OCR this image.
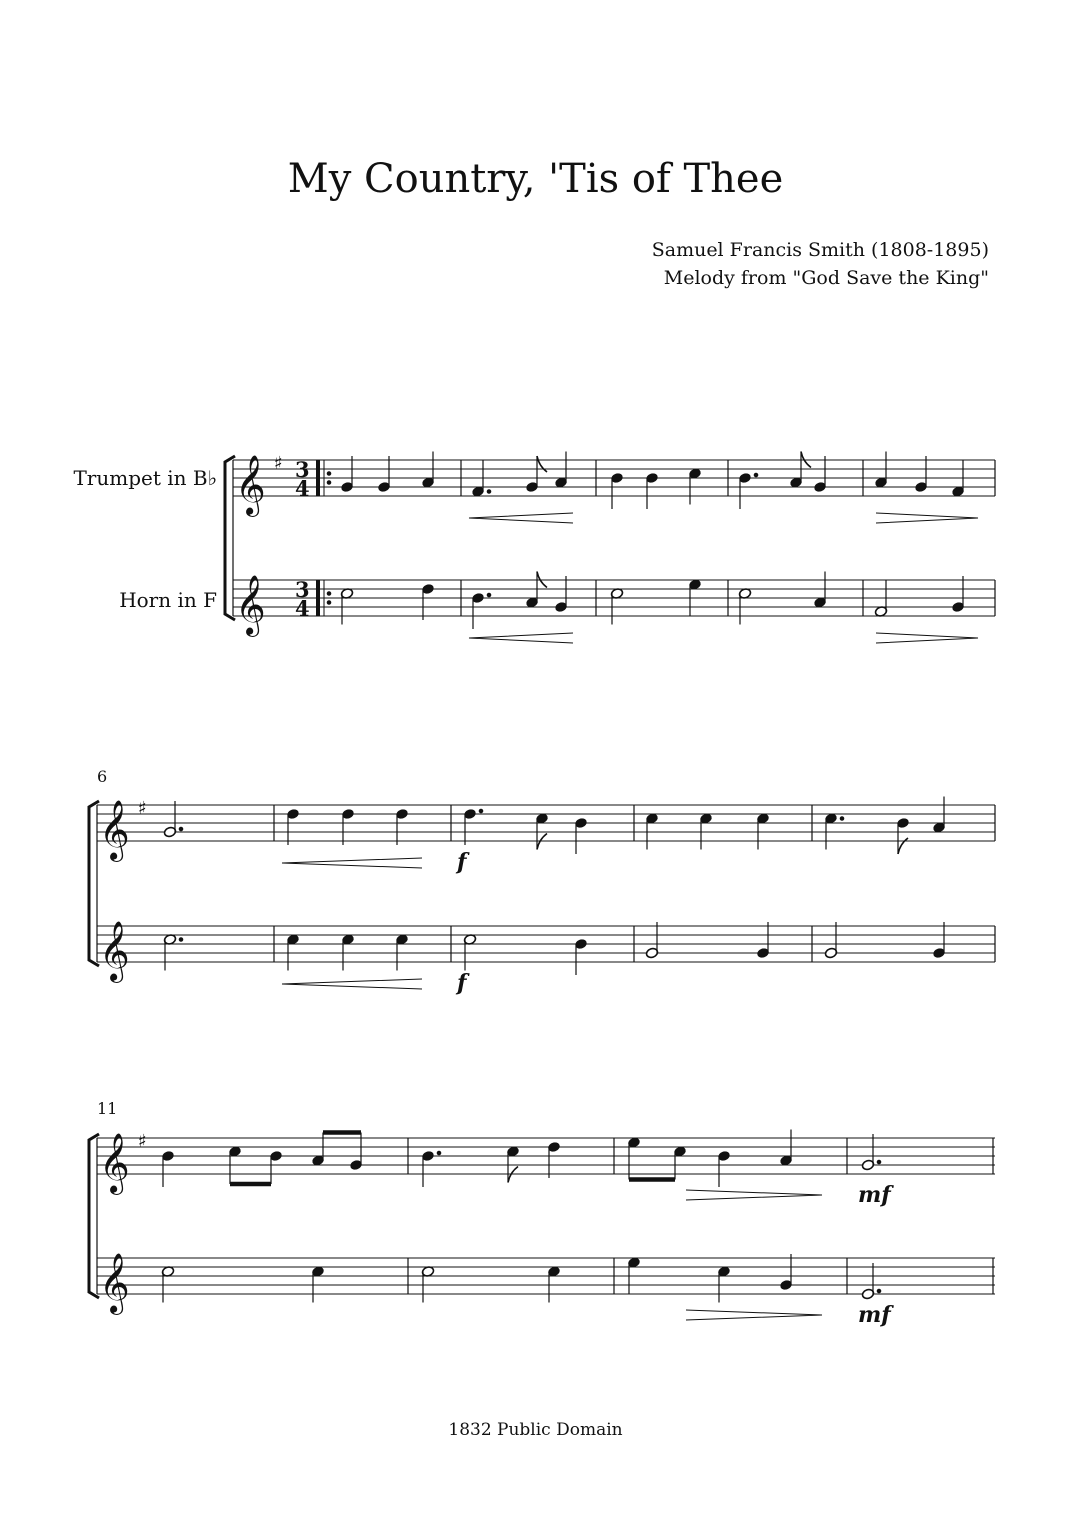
My Country, 'Tis of Thee
Samuel Francis Smith (1808-1895)
Melody from "God Save the King"
Trumpet in B♭
Horn in F
6
11
𝄞
𝄞
♯ 3
4
3
4
𝄞
𝄞
♯
f
f
𝄞
𝄞
♯
mf
mf
1832 Public Domain
